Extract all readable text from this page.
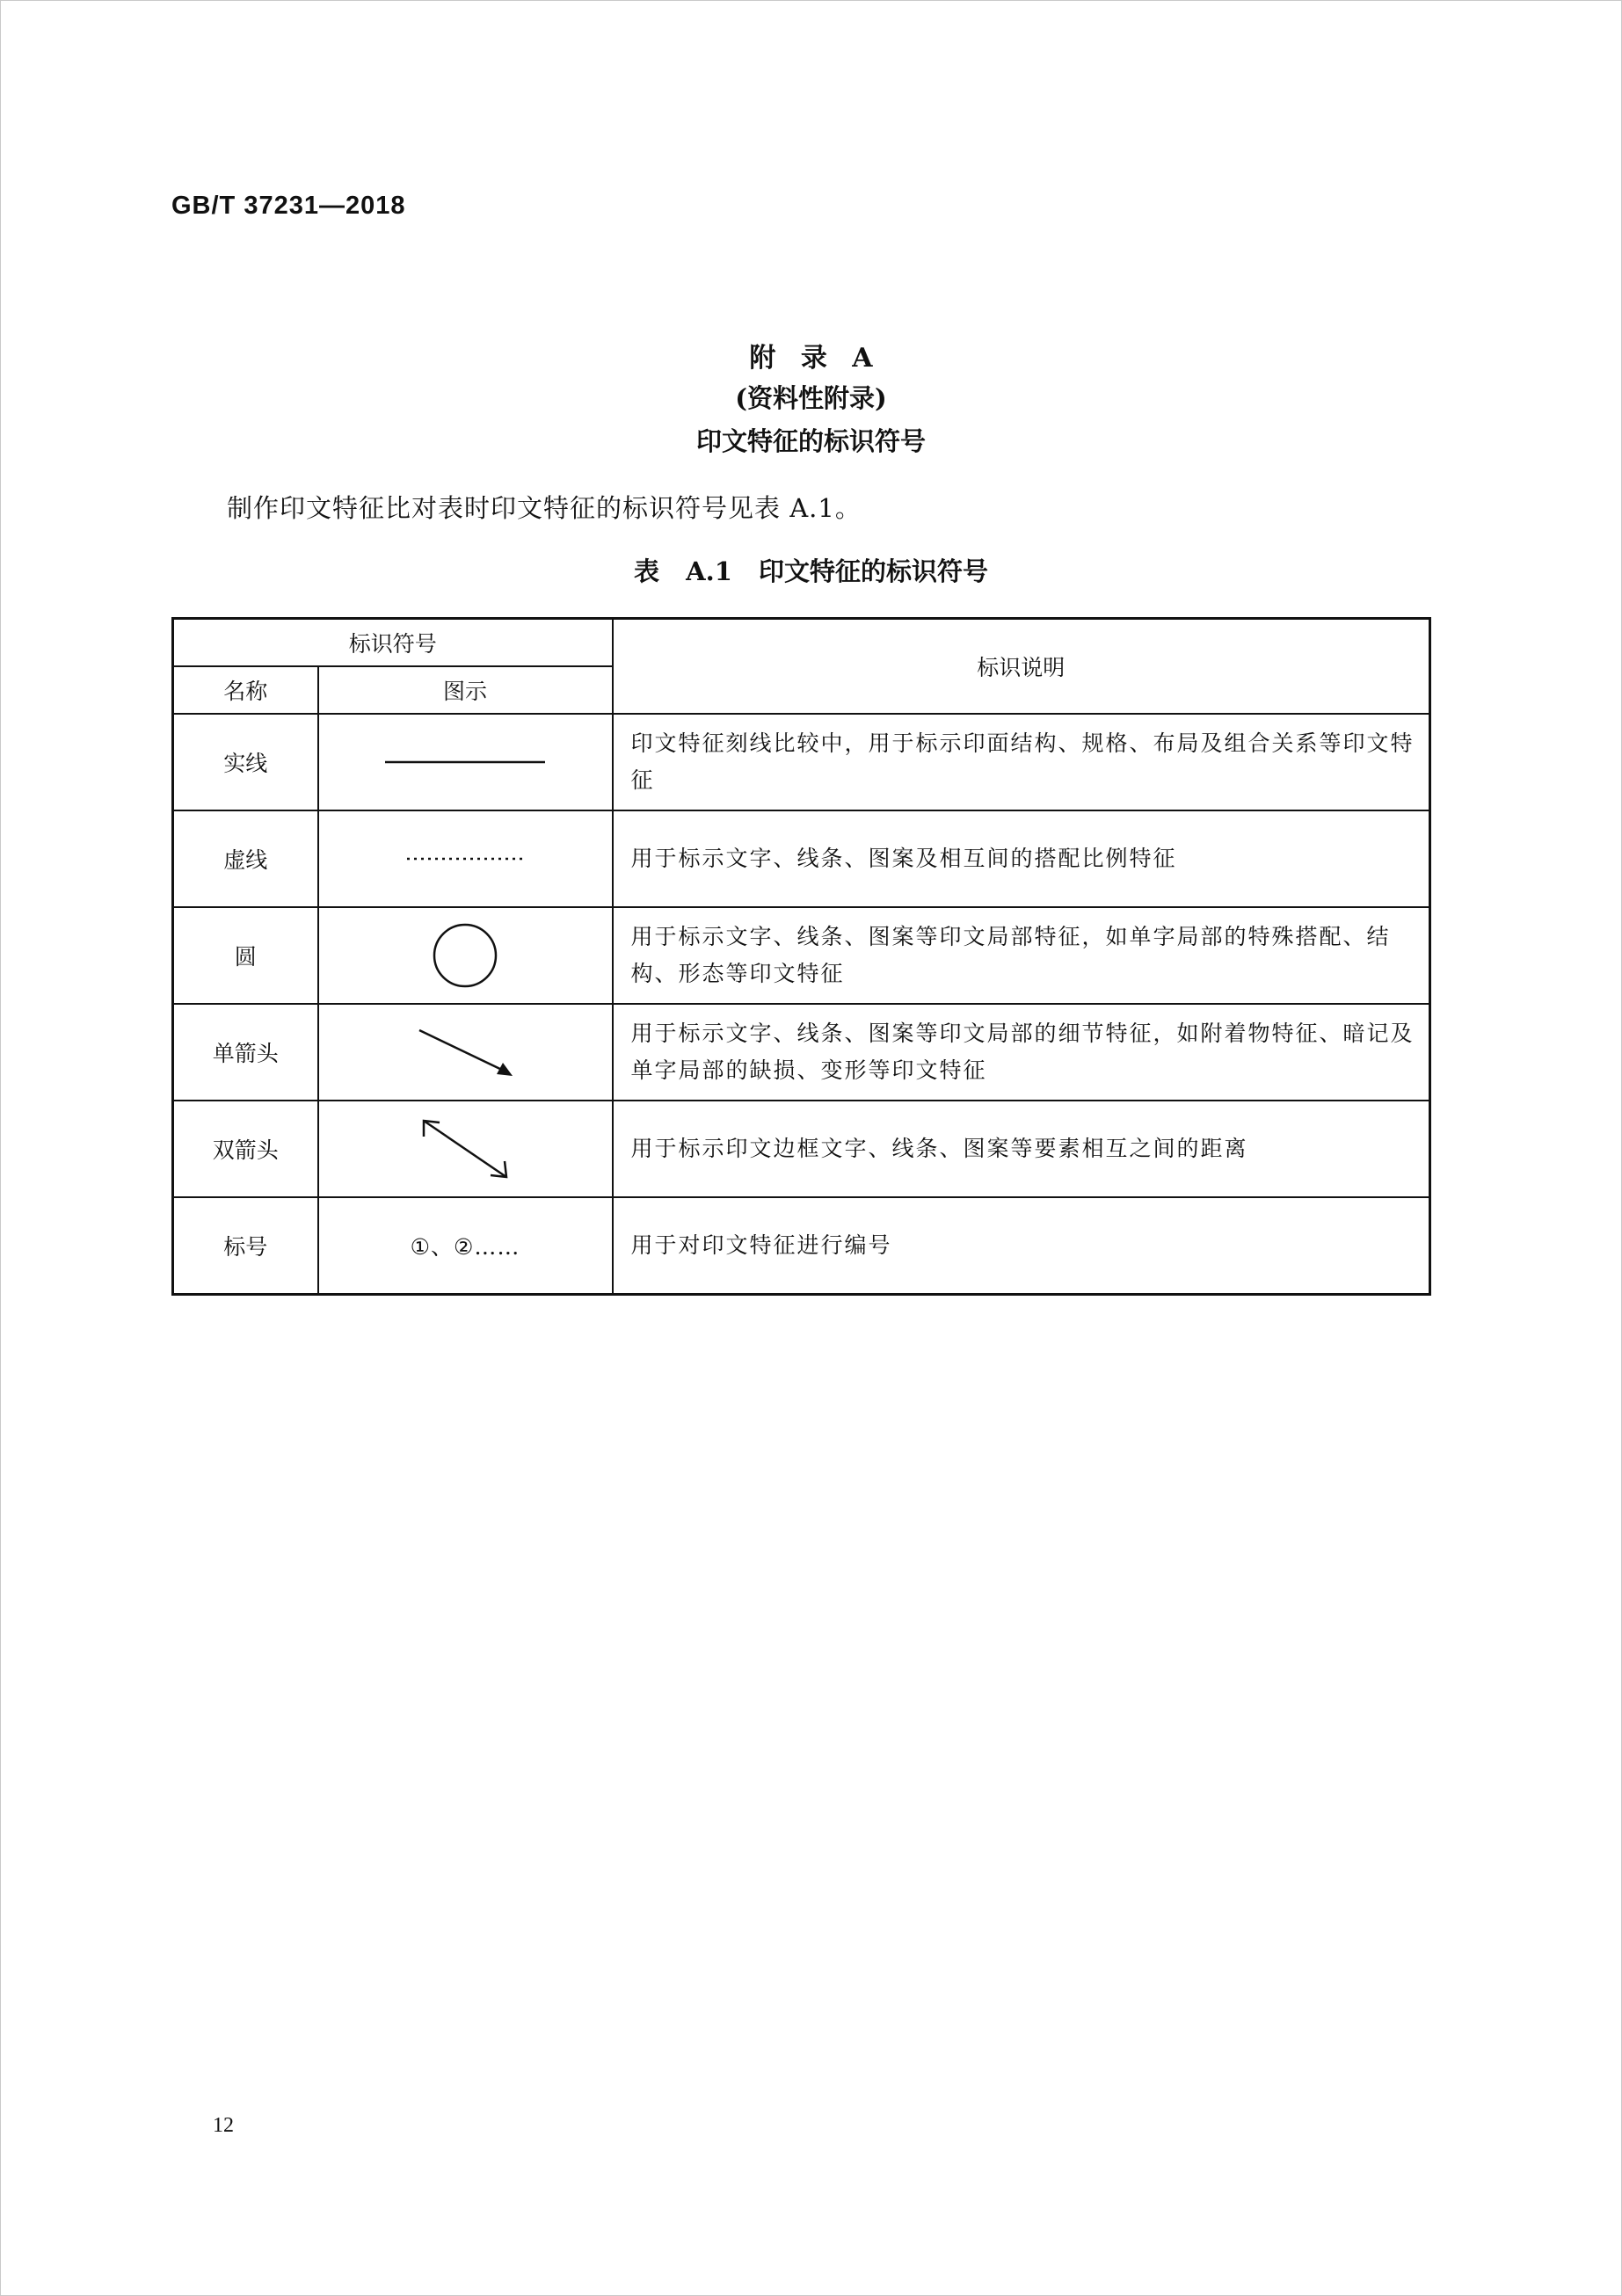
GB/T 37231—2018
附 录 A
(资料性附录)
印文特征的标识符号
制作印文特征比对表时印文特征的标识符号见表 A.1。
表 A.1 印文特征的标识符号
标识符号		标识说明
名称	图示	
实线		印文特征刻线比较中，用于标示印面结构、规格、布局及组合关系等印文特征
虚线		用于标示文字、线条、图案及相互间的搭配比例特征
圆		用于标示文字、线条、图案等印文局部特征，如单字局部的特殊搭配、结构、形态等印文特征
单箭头		用于标示文字、线条、图案等印文局部的细节特征，如附着物特征、暗记及单字局部的缺损、变形等印文特征
双箭头		用于标示印文边框文字、线条、图案等要素相互之间的距离
标号	①、②……	用于对印文特征进行编号
12
